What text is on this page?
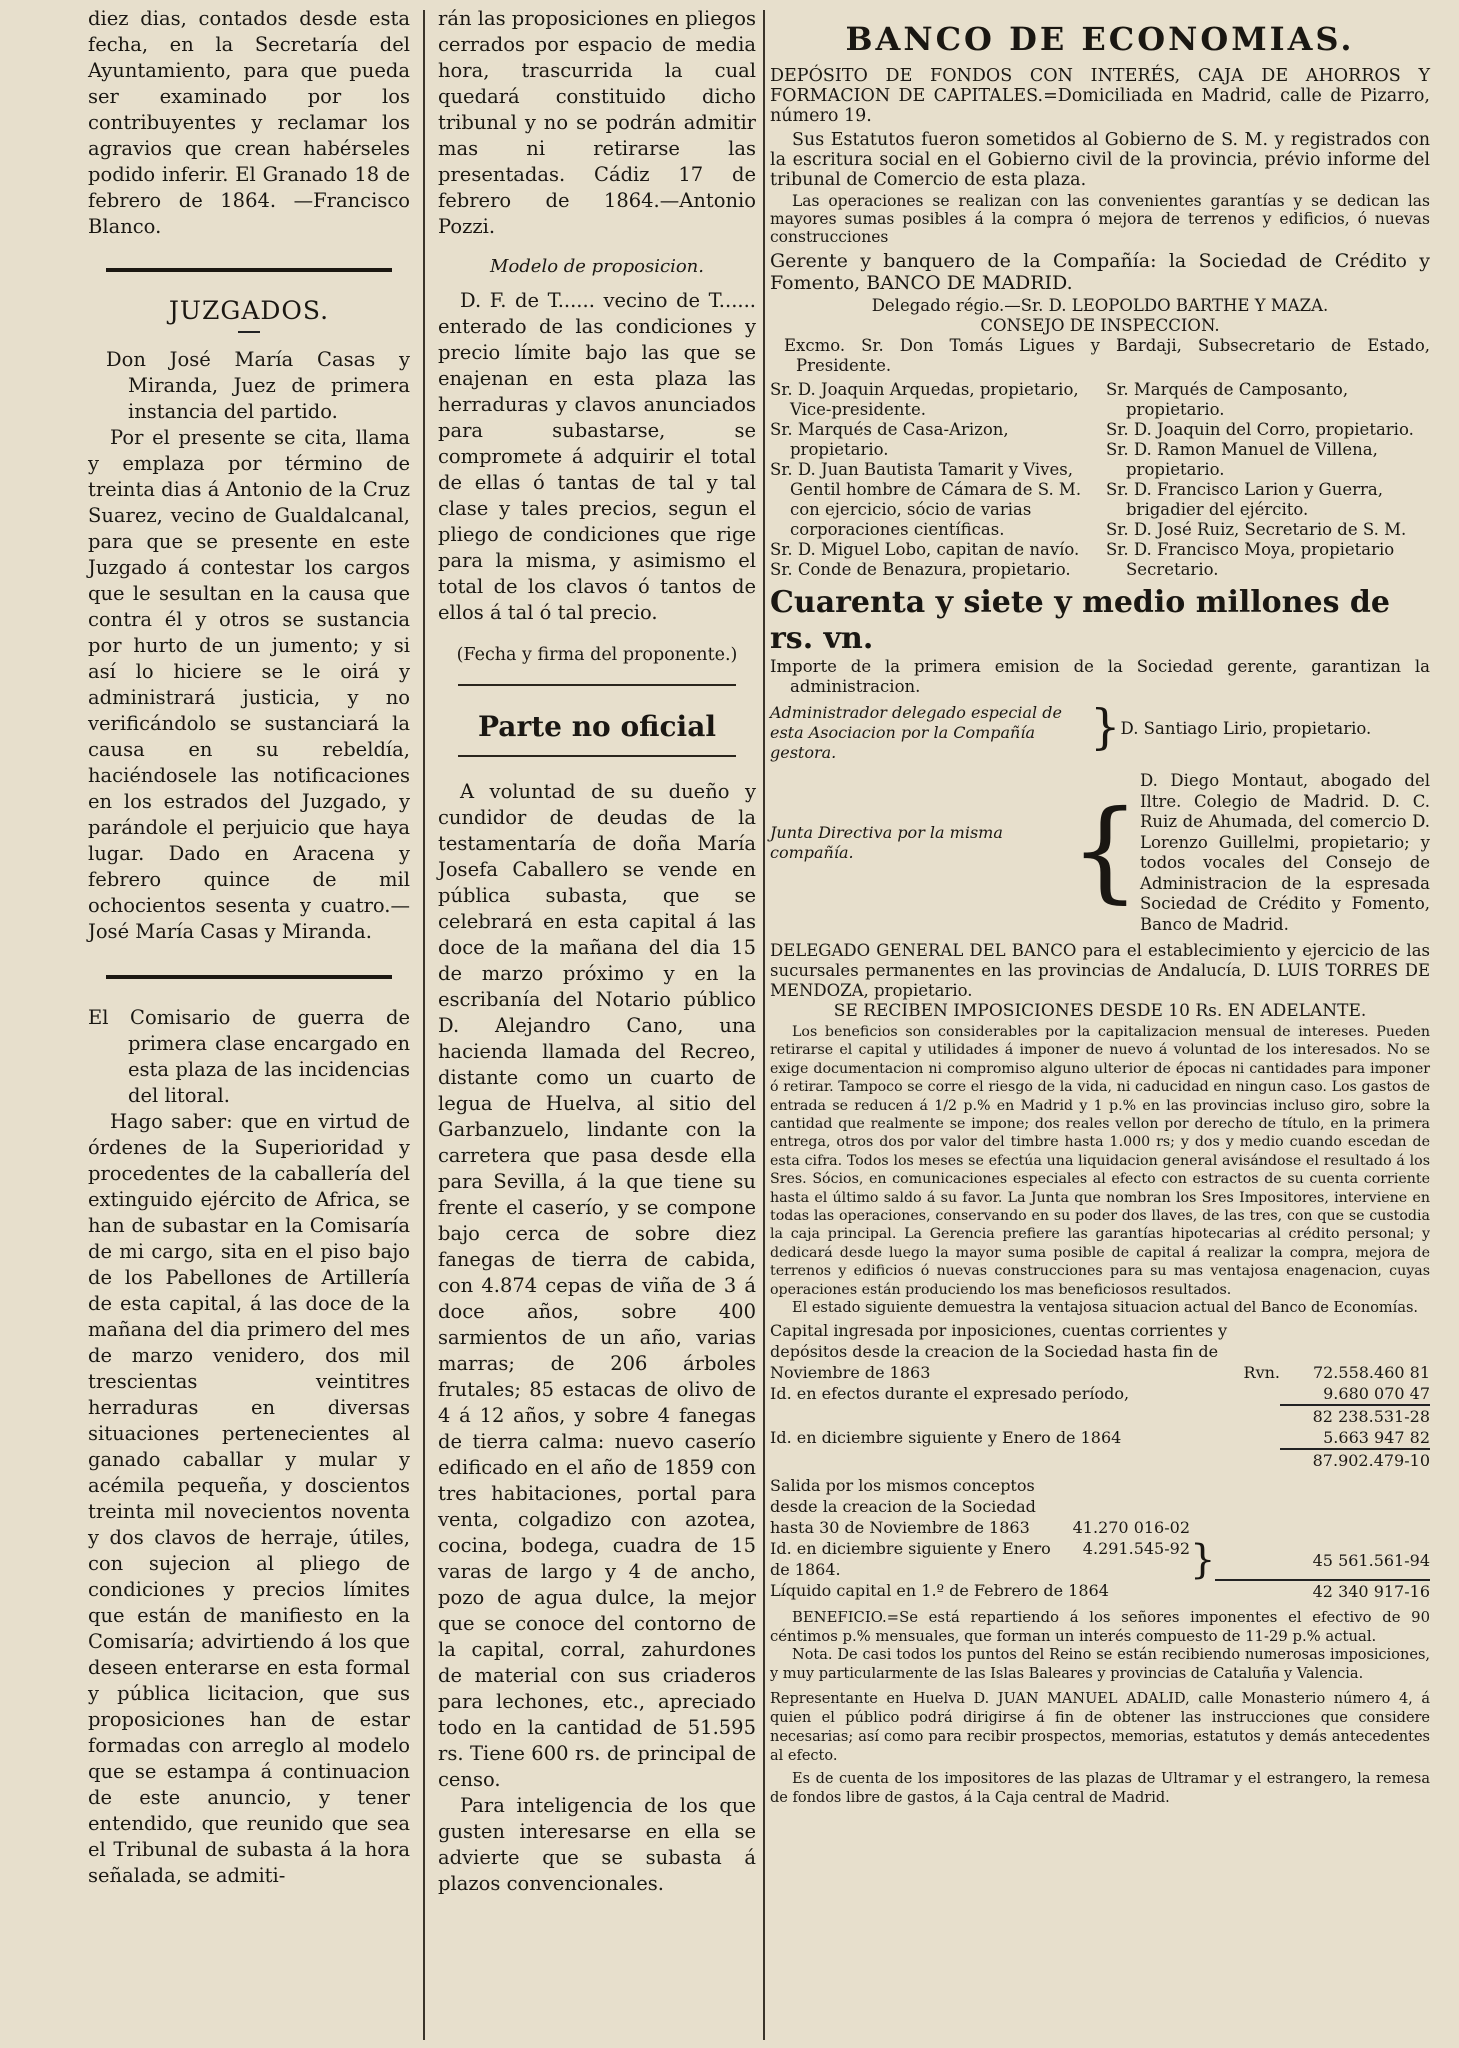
diez dias, contados desde esta fecha, en la Secretaría del Ayuntamiento, para que pueda ser examinado por los contribuyentes y reclamar los agravios que crean habérseles podido inferir. El Granado 18 de febrero de 1864. —Francisco Blanco.

JUZGADOS.

Don José María Casas y Miranda, Juez de primera instancia del partido.

Por el presente se cita, llama y emplaza por término de treinta dias á Antonio de la Cruz Suarez, vecino de Gualdalcanal, para que se presente en este Juzgado á contestar los cargos que le sesultan en la causa que contra él y otros se sustancia por hurto de un jumento; y si así lo hiciere se le oirá y administrará justicia, y no verificándolo se sustanciará la causa en su rebeldía, haciéndosele las notificaciones en los estrados del Juzgado, y parándole el perjuicio que haya lugar. Dado en Aracena y febrero quince de mil ochocientos sesenta y cuatro.—José María Casas y Miranda.

El Comisario de guerra de primera clase encargado en esta plaza de las incidencias del litoral.

Hago saber: que en virtud de órdenes de la Superioridad y procedentes de la caballería del extinguido ejército de Africa, se han de subastar en la Comisaría de mi cargo, sita en el piso bajo de los Pabellones de Artillería de esta capital, á las doce de la mañana del dia primero del mes de marzo venidero, dos mil trescientas veintitres herraduras en diversas situaciones pertenecientes al ganado caballar y mular y acémila pequeña, y doscientos treinta mil novecientos noventa y dos clavos de herraje, útiles, con sujecion al pliego de condiciones y precios límites que están de manifiesto en la Comisaría; advirtiendo á los que deseen enterarse en esta formal y pública licitacion, que sus proposiciones han de estar formadas con arreglo al modelo que se estampa á continuacion de este anuncio, y tener entendido, que reunido que sea el Tribunal de subasta á la hora señalada, se admiti-

rán las proposiciones en pliegos cerrados por espacio de media hora, trascurrida la cual quedará constituido dicho tribunal y no se podrán admitir mas ni retirarse las presentadas. Cádiz 17 de febrero de 1864.—Antonio Pozzi.

Modelo de proposicion.

D. F. de T...... vecino de T...... enterado de las condiciones y precio límite bajo las que se enajenan en esta plaza las herraduras y clavos anunciados para subastarse, se compromete á adquirir el total de ellas ó tantas de tal y tal clase y tales precios, segun el pliego de condiciones que rige para la misma, y asimismo el total de los clavos ó tantos de ellos á tal ó tal precio.

(Fecha y firma del proponente.)
Parte no oficial

A voluntad de su dueño y cundidor de deudas de la testamentaría de doña María Josefa Caballero se vende en pública subasta, que se celebrará en esta capital á las doce de la mañana del dia 15 de marzo próximo y en la escribanía del Notario público D. Alejandro Cano, una hacienda llamada del Recreo, distante como un cuarto de legua de Huelva, al sitio del Garbanzuelo, lindante con la carretera que pasa desde ella para Sevilla, á la que tiene su frente el caserío, y se compone bajo cerca de sobre diez fanegas de tierra de cabida, con 4.874 cepas de viña de 3 á doce años, sobre 400 sarmientos de un año, varias marras; de 206 árboles frutales; 85 estacas de olivo de 4 á 12 años, y sobre 4 fanegas de tierra calma: nuevo caserío edificado en el año de 1859 con tres habitaciones, portal para venta, colgadizo con azotea, cocina, bodega, cuadra de 15 varas de largo y 4 de ancho, pozo de agua dulce, la mejor que se conoce del contorno de la capital, corral, zahurdones de material con sus criaderos para lechones, etc., apreciado todo en la cantidad de 51.595 rs. Tiene 600 rs. de principal de censo.

Para inteligencia de los que gusten interesarse en ella se advierte que se subasta á plazos convencionales.

BANCO DE ECONOMIAS.

DEPÓSITO DE FONDOS CON INTERÉS, CAJA DE AHORROS Y FORMACION DE CAPITALES.=Domiciliada en Madrid, calle de Pizarro, número 19.

Sus Estatutos fueron sometidos al Gobierno de S. M. y registrados con la escritura social en el Gobierno civil de la provincia, prévio informe del tribunal de Comercio de esta plaza.

Las operaciones se realizan con las convenientes garantías y se dedican las mayores sumas posibles á la compra ó mejora de terrenos y edificios, ó nuevas construcciones

Gerente y banquero de la Compañía: la Sociedad de Crédito y Fomento, BANCO DE MADRID.

Delegado régio.—Sr. D. LEOPOLDO BARTHE Y MAZA.

CONSEJO DE INSPECCION.

Excmo. Sr. Don Tomás Ligues y Bardaji, Subsecretario de Estado, Presidente.

Sr. D. Joaquin Arquedas, propietario, Vice-presidente.
Sr. Marqués de Casa-Arizon, propietario.
Sr. D. Juan Bautista Tamarit y Vives, Gentil hombre de Cámara de S. M. con ejercicio, sócio de varias corporaciones científicas.
Sr. D. Miguel Lobo, capitan de navío.
Sr. Conde de Benazura, propietario.

Sr. Marqués de Camposanto, propietario.
Sr. D. Joaquin del Corro, propietario.
Sr. D. Ramon Manuel de Villena, propietario.
Sr. D. Francisco Larion y Guerra, brigadier del ejército.
Sr. D. José Ruiz, Secretario de S. M.
Sr. D. Francisco Moya, propietario Secretario.
Cuarenta y siete y medio millones de rs. vn.

Importe de la primera emision de la Sociedad gerente, garantizan la administracion.

Administrador delegado especial de esta Asociacion por la Compañía gestora.	}	D. Santiago Lirio, propietario.
Junta Directiva por la misma compañía.	{	D. Diego Montaut, abogado del Iltre. Colegio de Madrid. D. C. Ruiz de Ahumada, del comercio D. Lorenzo Guillelmi, propietario; y todos vocales del Consejo de Administracion de la espresada Sociedad de Crédito y Fomento, Banco de Madrid.

DELEGADO GENERAL DEL BANCO para el establecimiento y ejercicio de las sucursales permanentes en las provincias de Andalucía, D. LUIS TORRES DE MENDOZA, propietario.

SE RECIBEN IMPOSICIONES DESDE 10 Rs. EN ADELANTE.

Los beneficios son considerables por la capitalizacion mensual de intereses. Pueden retirarse el capital y utilidades á imponer de nuevo á voluntad de los interesados. No se exige documentacion ni compromiso alguno ulterior de épocas ni cantidades para imponer ó retirar. Tampoco se corre el riesgo de la vida, ni caducidad en ningun caso. Los gastos de entrada se reducen á 1/2 p.% en Madrid y 1 p.% en las provincias incluso giro, sobre la cantidad que realmente se impone; dos reales vellon por derecho de título, en la primera entrega, otros dos por valor del timbre hasta 1.000 rs; y dos y medio cuando escedan de esta cifra. Todos los meses se efectúa una liquidacion general avisándose el resultado á los Sres. Sócios, en comunicaciones especiales al efecto con estractos de su cuenta corriente hasta el último saldo á su favor. La Junta que nombran los Sres Impositores, interviene en todas las operaciones, conservando en su poder dos llaves, de las tres, con que se custodia la caja principal. La Gerencia prefiere las garantías hipotecarias al crédito personal; y dedicará desde luego la mayor suma posible de capital á realizar la compra, mejora de terrenos y edificios ó nuevas construcciones para su mas ventajosa enagenacion, cuyas operaciones están produciendo los mas beneficiosos resultados.

El estado siguiente demuestra la ventajosa situacion actual del Banco de Economías.

Capital ingresada por inposiciones, cuentas corrientes y depósitos desde la creacion de la Sociedad hasta fin de Noviembre de 1863	Rvn.	72.558.460 81
Id. en efectos durante el expresado período,		9.680 070 47
		82 238.531-28
Id. en diciembre siguiente y Enero de 1864		5.663 947 82
		87.902.479-10
Salida por los mismos conceptos desde la creacion de la Sociedad hasta 30 de Noviembre de 1863	41.270 016-02	}	45 561.561-94
Id. en diciembre siguiente y Enero de 1864.	4.291.545-92		
Líquido capital en 1.º de Febrero de 1864			42 340 917-16

BENEFICIO.=Se está repartiendo á los señores imponentes el efectivo de 90 céntimos p.% mensuales, que forman un interés compuesto de 11-29 p.% actual.

Nota. De casi todos los puntos del Reino se están recibiendo numerosas imposiciones, y muy particularmente de las Islas Baleares y provincias de Cataluña y Valencia.

Representante en Huelva D. JUAN MANUEL ADALID, calle Monasterio número 4, á quien el público podrá dirigirse á fin de obtener las instrucciones que considere necesarias; así como para recibir prospectos, memorias, estatutos y demás antecedentes al efecto.

Es de cuenta de los impositores de las plazas de Ultramar y el estrangero, la remesa de fondos libre de gastos, á la Caja central de Madrid.
